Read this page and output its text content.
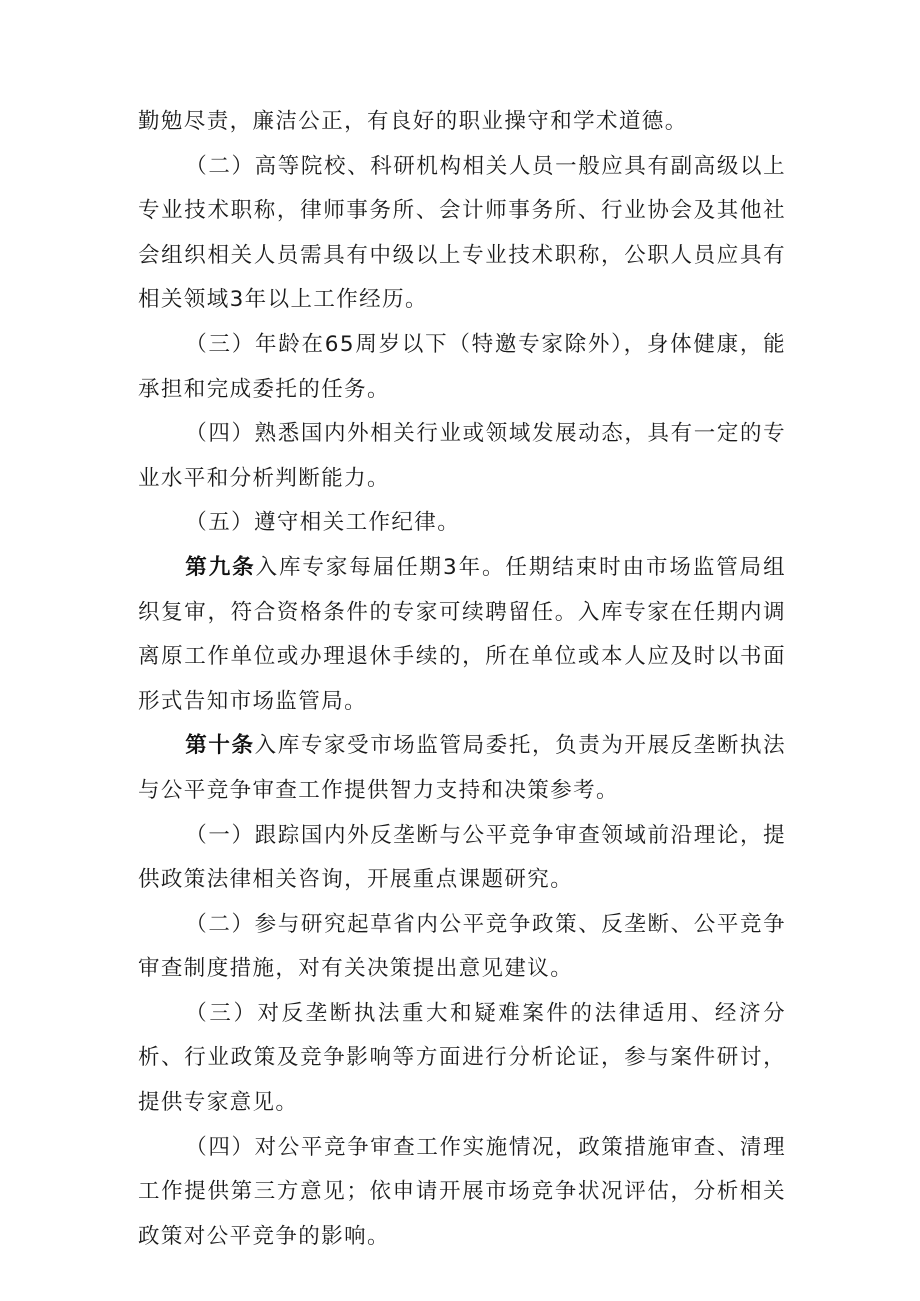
勤勉尽责，廉洁公正，有良好的职业操守和学术道德。

（二）高等院校、科研机构相关人员一般应具有副高级以上专业技术职称，律师事务所、会计师事务所、行业协会及其他社会组织相关人员需具有中级以上专业技术职称，公职人员应具有相关领域3年以上工作经历。

（三）年龄在65周岁以下（特邀专家除外），身体健康，能承担和完成委托的任务。

（四）熟悉国内外相关行业或领域发展动态，具有一定的专业水平和分析判断能力。

（五）遵守相关工作纪律。

第九条入库专家每届任期3年。任期结束时由市场监管局组织复审，符合资格条件的专家可续聘留任。入库专家在任期内调离原工作单位或办理退休手续的，所在单位或本人应及时以书面形式告知市场监管局。

第十条入库专家受市场监管局委托，负责为开展反垄断执法与公平竞争审查工作提供智力支持和决策参考。

（一）跟踪国内外反垄断与公平竞争审查领域前沿理论，提供政策法律相关咨询，开展重点课题研究。

（二）参与研究起草省内公平竞争政策、反垄断、公平竞争审查制度措施，对有关决策提出意见建议。

（三）对反垄断执法重大和疑难案件的法律适用、经济分析、行业政策及竞争影响等方面进行分析论证，参与案件研讨，提供专家意见。

（四）对公平竞争审查工作实施情况，政策措施审查、清理工作提供第三方意见；依申请开展市场竞争状况评估，分析相关政策对公平竞争的影响。
